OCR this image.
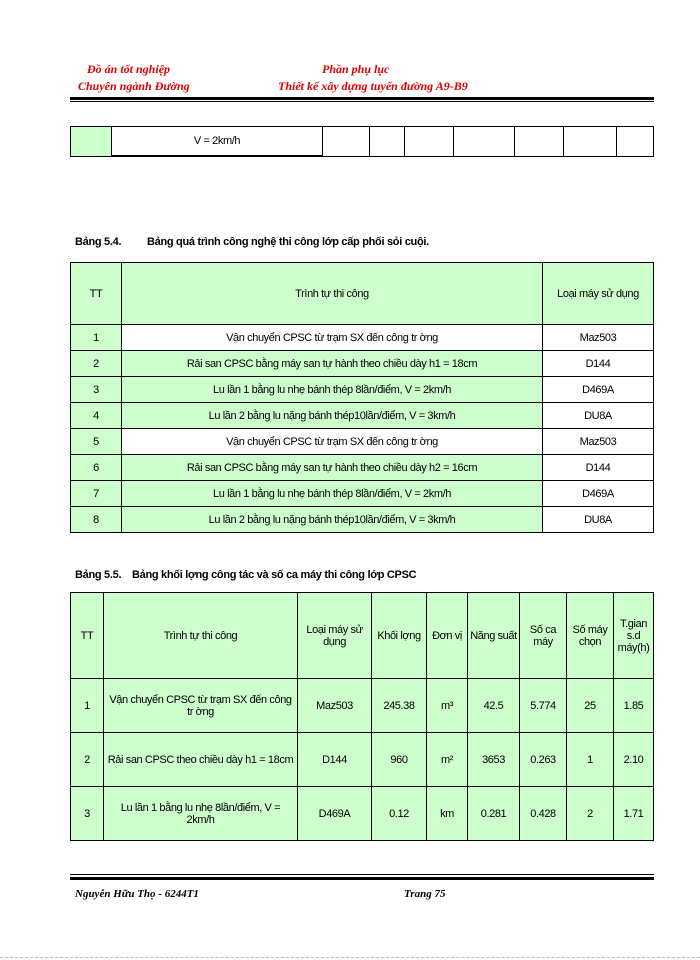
Đồ án tốt nghiệp
Chuyên ngành Đường
Phần phụ lục
Thiết kế xây dựng tuyến đường A9-B9
	V = 2km/h							
Bảng 5.4. Bảng quá trình công nghệ thi công lớp cấp phối sỏi cuội.
TT	Trình tự thi công	Loại máy sử dụng
1	Vận chuyển CPSC từ trạm SX đến công tr ờng	Maz503
2	Rải san CPSC bằng máy san tự hành theo chiều dày h1 = 18cm	D144
3	Lu lần 1 bằng lu nhẹ bánh thép 8lần/điểm, V = 2km/h	D469A
4	Lu lần 2 bằng lu nặng bánh thép10lần/điểm, V = 3km/h	DU8A
5	Vận chuyển CPSC từ trạm SX đến công tr ờng	Maz503
6	Rải san CPSC bằng máy san tự hành theo chiều dày h2 = 16cm	D144
7	Lu lần 1 bằng lu nhẹ bánh thép 8lần/điểm, V = 2km/h	D469A
8	Lu lần 2 bằng lu nặng bánh thép10lần/điểm, V = 3km/h	DU8A
Bảng 5.5. Bảng khối lợng công tác và số ca máy thi công lớp CPSC
TT	Trình tự thi công	Loại máy sử dụng	Khối lợng	Đơn vị	Năng suất	Số ca máy	Số máy chọn	T.gian s.d máy(h)
1	Vận chuyển CPSC từ trạm SX đến công tr ờng	Maz503	245.38	m³	42.5	5.774	25	1.85
2	Rải san CPSC theo chiều dày h1 = 18cm	D144	960	m²	3653	0.263	1	2.10
3	Lu lần 1 bằng lu nhẹ 8lần/điểm, V = 2km/h	D469A	0.12	km	0.281	0.428	2	1.71
Nguyễn Hữu Thọ - 6244T1	Trang 75
